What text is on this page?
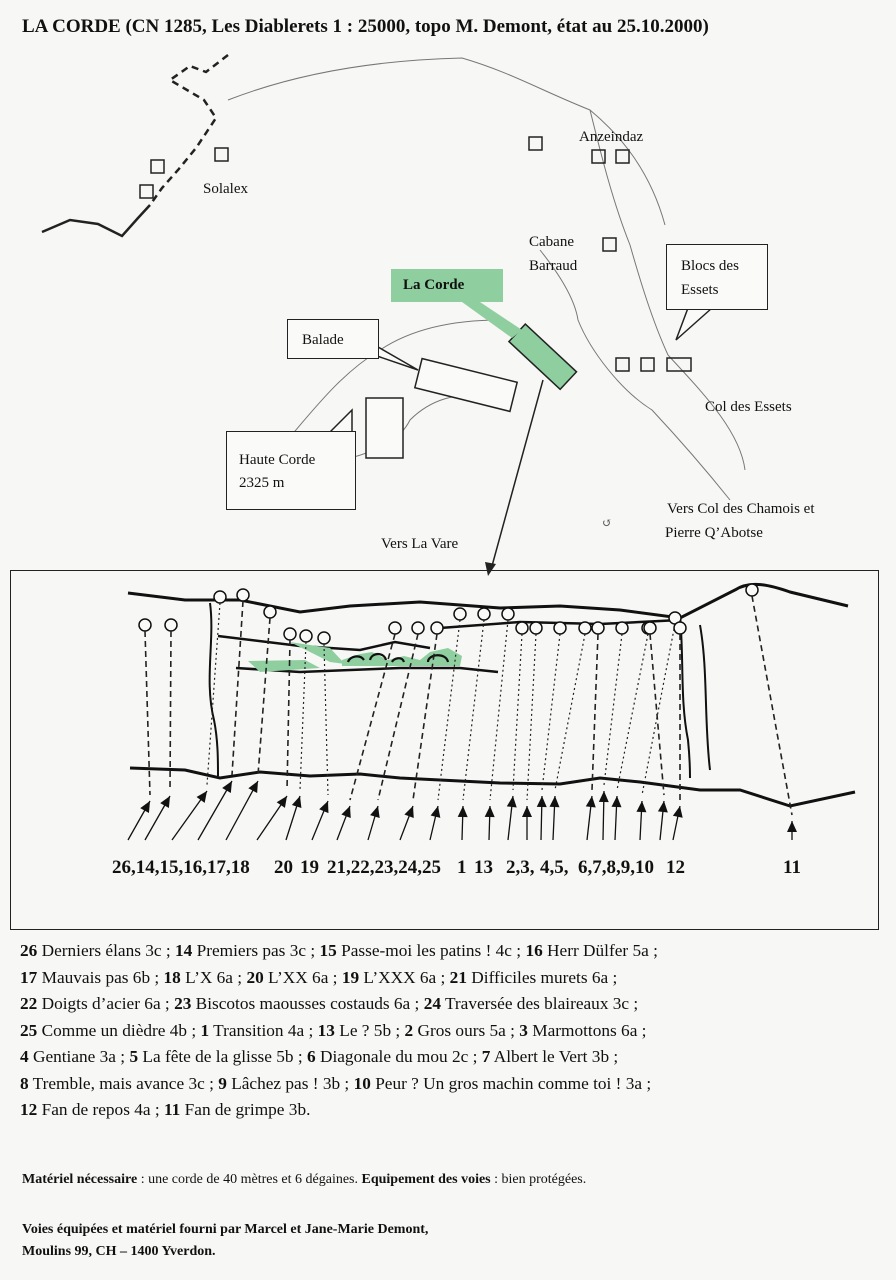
LA CORDE (CN 1285, Les Diablerets 1 : 25000, topo M. Demont, état au 25.10.2000)
↺
Solalex
Anzeindaz
Cabane
Barraud	Blocs des
Essets
La Corde
Balade
Col des Essets
Haute Corde
2325 m
Vers Col des Chamois et
Pierre Q’Abotse
Vers La Vare
26,14,15,16,17,18 20 19 21,22,23,24,25 1 13 2,3, 4,5, 6,7,8,9,10 12	11
26 Derniers élans 3c ; 14 Premiers pas 3c ; 15 Passe-moi les patins ! 4c ; 16 Herr Dülfer 5a ;
17 Mauvais pas 6b ; 18 L’X 6a ; 20 L’XX 6a ; 19 L’XXX 6a ; 21 Difficiles murets 6a ;
22 Doigts d’acier 6a ; 23 Biscotos maousses costauds 6a ; 24 Traversée des blaireaux 3c ;
25 Comme un dièdre 4b ; 1 Transition 4a ; 13 Le ? 5b ; 2 Gros ours 5a ; 3 Marmottons 6a ;
4 Gentiane 3a ; 5 La fête de la glisse 5b ; 6 Diagonale du mou 2c ; 7 Albert le Vert 3b ;
8 Tremble, mais avance 3c ; 9 Lâchez pas ! 3b ; 10 Peur ? Un gros machin comme toi ! 3a ;
12 Fan de repos 4a ; 11 Fan de grimpe 3b.
Matériel nécessaire : une corde de 40 mètres et 6 dégaines. Equipement des voies : bien protégées.
Voies équipées et matériel fourni par Marcel et Jane-Marie Demont,
Moulins 99, CH – 1400 Yverdon.
